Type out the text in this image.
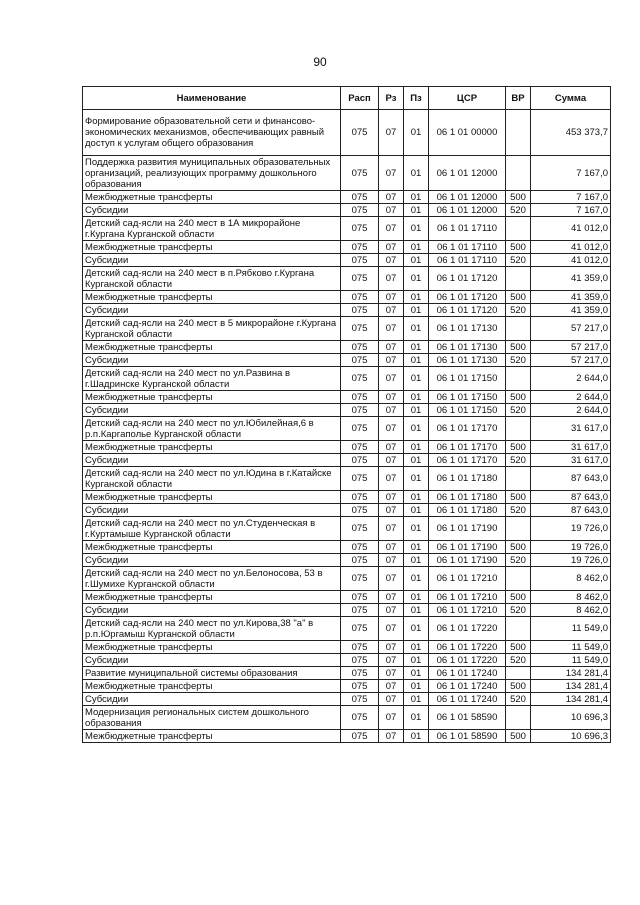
90
Наименование	Расп	Рз	Пз	ЦСР	ВР	Сумма
Формирование образовательной сети и финансово-экономических механизмов, обеспечивающих равный доступ к услугам общего образования	075	07	01	06 1 01 00000		453 373,7
Поддержка развития муниципальных образовательных организаций, реализующих программу дошкольного образования	075	07	01	06 1 01 12000		7 167,0
Межбюджетные трансферты	075	07	01	06 1 01 12000	500	7 167,0
Субсидии	075	07	01	06 1 01 12000	520	7 167,0
Детский сад-ясли на 240 мест в 1А микрорайоне г.Кургана Курганской области	075	07	01	06 1 01 17110		41 012,0
Межбюджетные трансферты	075	07	01	06 1 01 17110	500	41 012,0
Субсидии	075	07	01	06 1 01 17110	520	41 012,0
Детский сад-ясли на 240 мест в п.Рябково г.Кургана Курганской области	075	07	01	06 1 01 17120		41 359,0
Межбюджетные трансферты	075	07	01	06 1 01 17120	500	41 359,0
Субсидии	075	07	01	06 1 01 17120	520	41 359,0
Детский сад-ясли на 240 мест в 5 микрорайоне г.Кургана Курганской области	075	07	01	06 1 01 17130		57 217,0
Межбюджетные трансферты	075	07	01	06 1 01 17130	500	57 217,0
Субсидии	075	07	01	06 1 01 17130	520	57 217,0
Детский сад-ясли на 240 мест по ул.Развина в г.Шадринске Курганской области	075	07	01	06 1 01 17150		2 644,0
Межбюджетные трансферты	075	07	01	06 1 01 17150	500	2 644,0
Субсидии	075	07	01	06 1 01 17150	520	2 644,0
Детский сад-ясли на 240 мест по ул.Юбилейная,6 в р.п.Каргаполье Курганской области	075	07	01	06 1 01 17170		31 617,0
Межбюджетные трансферты	075	07	01	06 1 01 17170	500	31 617,0
Субсидии	075	07	01	06 1 01 17170	520	31 617,0
Детский сад-ясли на 240 мест по ул.Юдина в г.Катайске Курганской области	075	07	01	06 1 01 17180		87 643,0
Межбюджетные трансферты	075	07	01	06 1 01 17180	500	87 643,0
Субсидии	075	07	01	06 1 01 17180	520	87 643,0
Детский сад-ясли на 240 мест по ул.Студенческая в г.Куртамыше Курганской области	075	07	01	06 1 01 17190		19 726,0
Межбюджетные трансферты	075	07	01	06 1 01 17190	500	19 726,0
Субсидии	075	07	01	06 1 01 17190	520	19 726,0
Детский сад-ясли на 240 мест по ул.Белоносова, 53 в г.Шумихе Курганской области	075	07	01	06 1 01 17210		8 462,0
Межбюджетные трансферты	075	07	01	06 1 01 17210	500	8 462,0
Субсидии	075	07	01	06 1 01 17210	520	8 462,0
Детский сад-ясли на 240 мест по ул.Кирова,38 "а" в р.п.Юргамыш Курганской области	075	07	01	06 1 01 17220		11 549,0
Межбюджетные трансферты	075	07	01	06 1 01 17220	500	11 549,0
Субсидии	075	07	01	06 1 01 17220	520	11 549,0
Развитие муниципальной системы образования	075	07	01	06 1 01 17240		134 281,4
Межбюджетные трансферты	075	07	01	06 1 01 17240	500	134 281,4
Субсидии	075	07	01	06 1 01 17240	520	134 281,4
Модернизация региональных систем дошкольного образования	075	07	01	06 1 01 58590		10 696,3
Межбюджетные трансферты	075	07	01	06 1 01 58590	500	10 696,3
